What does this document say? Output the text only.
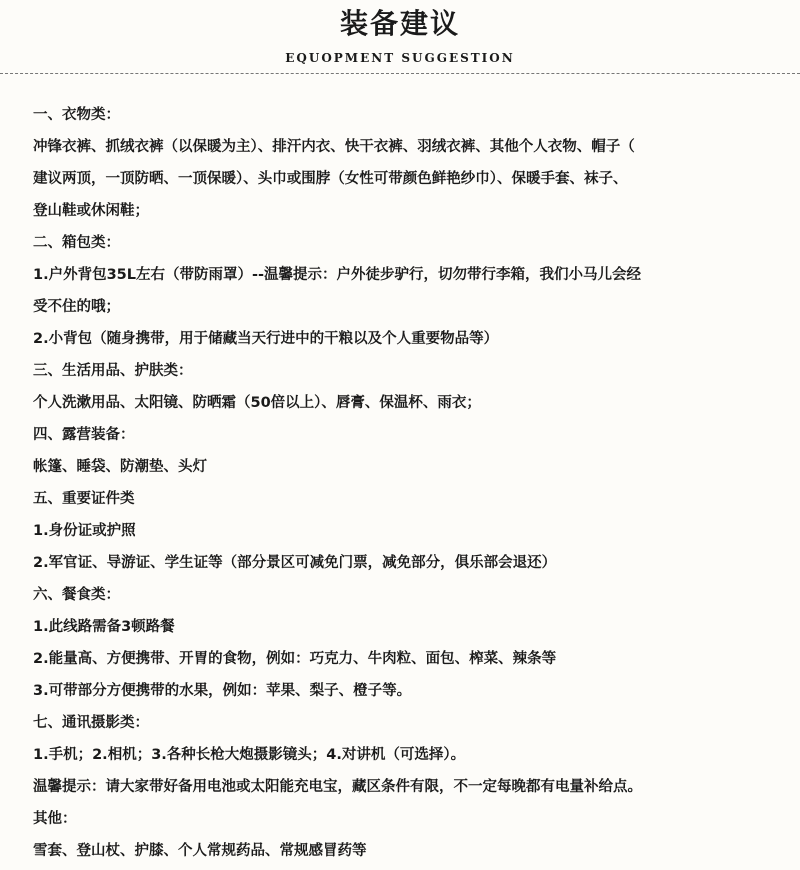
装备建议
EQUOPMENT SUGGESTION
一、衣物类：
冲锋衣裤、抓绒衣裤（以保暖为主）、排汗内衣、快干衣裤、羽绒衣裤、其他个人衣物、帽子（
建议两顶，一顶防晒、一顶保暖）、头巾或围脖（女性可带颜色鲜艳纱巾）、保暖手套、袜子、
登山鞋或休闲鞋；
二、箱包类：
1.户外背包35L左右（带防雨罩）--温馨提示：户外徒步驴行，切勿带行李箱，我们小马儿会经
受不住的哦；
2.小背包（随身携带，用于储藏当天行进中的干粮以及个人重要物品等）
三、生活用品、护肤类：
个人洗漱用品、太阳镜、防晒霜（50倍以上）、唇膏、保温杯、雨衣；
四、露营装备：
帐篷、睡袋、防潮垫、头灯
五、重要证件类
1.身份证或护照
2.军官证、导游证、学生证等（部分景区可减免门票，减免部分，俱乐部会退还）
六、餐食类：
1.此线路需备3顿路餐
2.能量高、方便携带、开胃的食物，例如：巧克力、牛肉粒、面包、榨菜、辣条等
3.可带部分方便携带的水果，例如：苹果、梨子、橙子等。
七、通讯摄影类：
1.手机；2.相机；3.各种长枪大炮摄影镜头；4.对讲机（可选择）。
温馨提示：请大家带好备用电池或太阳能充电宝，藏区条件有限，不一定每晚都有电量补给点。
其他：
雪套、登山杖、护膝、个人常规药品、常规感冒药等
